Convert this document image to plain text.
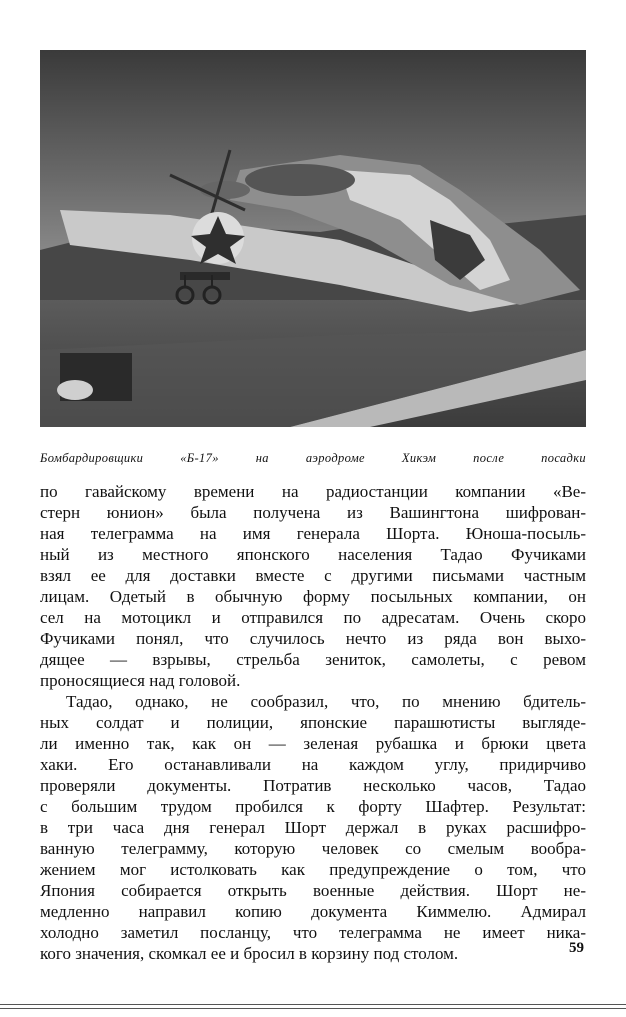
Бомбардировщики «Б-17» на аэродроме Хикэм после посадки
по гавайскому времени на радиостанции компании «Ве-
стерн юнион» была получена из Вашингтона шифрован-
ная телеграмма на имя генерала Шорта. Юноша-посыль-
ный из местного японского населения Тадао Фучиками
взял ее для доставки вместе с другими письмами частным
лицам. Одетый в обычную форму посыльных компании, он
сел на мотоцикл и отправился по адресатам. Очень скоро
Фучиками понял, что случилось нечто из ряда вон выхо-
дящее — взрывы, стрельба зениток, самолеты, с ревом
проносящиеся над головой.
Тадао, однако, не сообразил, что, по мнению бдитель-
ных солдат и полиции, японские парашютисты выгляде-
ли именно так, как он — зеленая рубашка и брюки цвета
хаки. Его останавливали на каждом углу, придирчиво
проверяли документы. Потратив несколько часов, Тадао
с большим трудом пробился к форту Шафтер. Результат:
в три часа дня генерал Шорт держал в руках расшифро-
ванную телеграмму, которую человек со смелым вообра-
жением мог истолковать как предупреждение о том, что
Япония собирается открыть военные действия. Шорт не-
медленно направил копию документа Киммелю. Адмирал
холодно заметил посланцу, что телеграмма не имеет ника-
кого значения, скомкал ее и бросил в корзину под столом.	59
